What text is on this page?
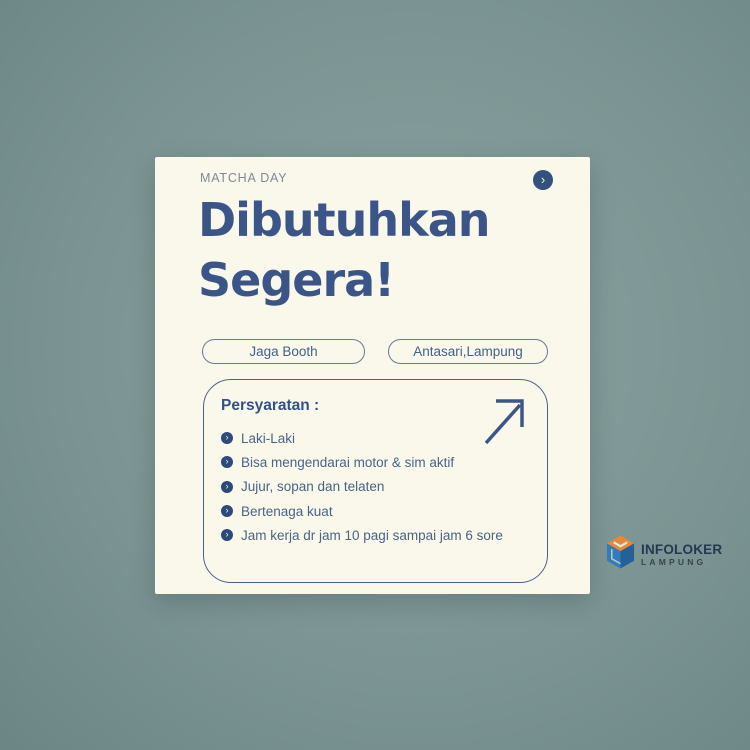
MATCHA DAY	›
Dibutuhkan
Segera!
Jaga Booth	Antasari,Lampung
Persyaratan :
› Laki-Laki
› Bisa mengendarai motor & sim aktif
› Jujur, sopan dan telaten
› Bertenaga kuat
› Jam kerja dr jam 10 pagi sampai jam 6 sore
INFOLOKER
LAMPUNG
